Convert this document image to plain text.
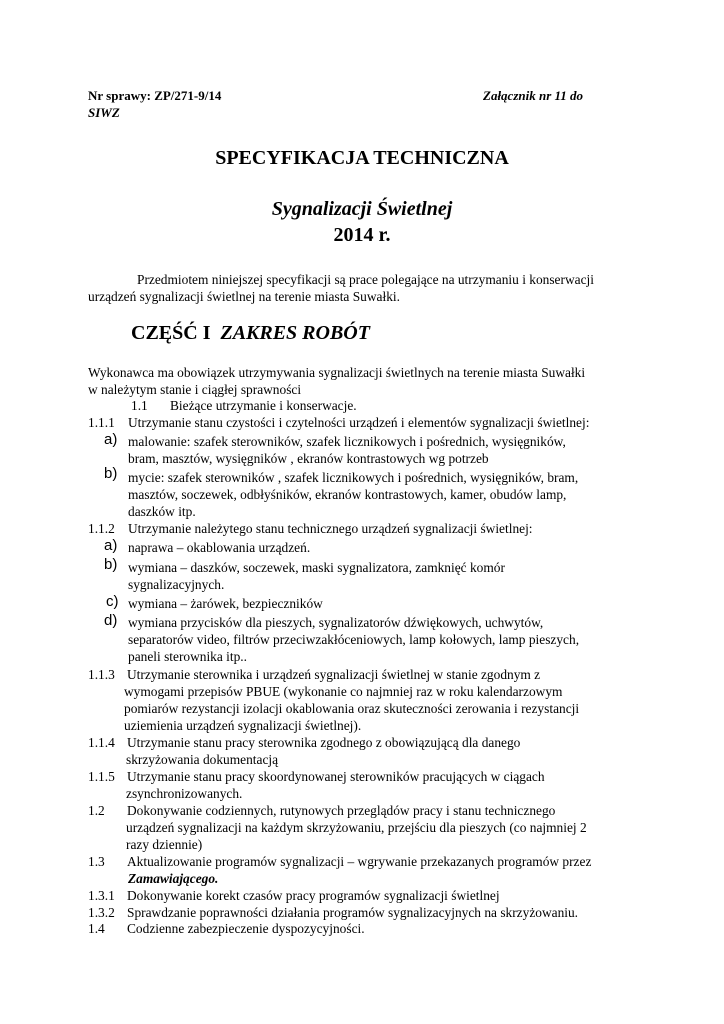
Nr sprawy: ZP/271-9/14	Załącznik nr 11 do
SIWZ
SPECYFIKACJA TECHNICZNA
Sygnalizacji Świetlnej
2014 r.
Przedmiotem niniejszej specyfikacji są prace polegające na utrzymaniu i konserwacji
urządzeń sygnalizacji świetlnej na terenie miasta Suwałki.
CZĘŚĆ I ZAKRES ROBÓT
Wykonawca ma obowiązek utrzymywania sygnalizacji świetlnych na terenie miasta Suwałki
w należytym stanie i ciągłej sprawności
1.1 Bieżące utrzymanie i konserwacje.
1.1.1 Utrzymanie stanu czystości i czytelności urządzeń i elementów sygnalizacji świetlnej:
a) malowanie: szafek sterowników, szafek licznikowych i pośrednich, wysięgników,
bram, masztów, wysięgników , ekranów kontrastowych wg potrzeb
b) mycie: szafek sterowników , szafek licznikowych i pośrednich, wysięgników, bram,
masztów, soczewek, odbłyśników, ekranów kontrastowych, kamer, obudów lamp,
daszków itp.
1.1.2 Utrzymanie należytego stanu technicznego urządzeń sygnalizacji świetlnej:
a) naprawa – okablowania urządzeń.
b) wymiana – daszków, soczewek, maski sygnalizatora, zamknięć komór
sygnalizacyjnych.
c) wymiana – żarówek, bezpieczników
d) wymiana przycisków dla pieszych, sygnalizatorów dźwiękowych, uchwytów,
separatorów video, filtrów przeciwzakłóceniowych, lamp kołowych, lamp pieszych,
paneli sterownika itp..
1.1.3 Utrzymanie sterownika i urządzeń sygnalizacji świetlnej w stanie zgodnym z
wymogami przepisów PBUE (wykonanie co najmniej raz w roku kalendarzowym
pomiarów rezystancji izolacji okablowania oraz skuteczności zerowania i rezystancji
uziemienia urządzeń sygnalizacji świetlnej).
1.1.4 Utrzymanie stanu pracy sterownika zgodnego z obowiązującą dla danego
skrzyżowania dokumentacją
1.1.5 Utrzymanie stanu pracy skoordynowanej sterowników pracujących w ciągach
zsynchronizowanych.
1.2 Dokonywanie codziennych, rutynowych przeglądów pracy i stanu technicznego
urządzeń sygnalizacji na każdym skrzyżowaniu, przejściu dla pieszych (co najmniej 2
razy dziennie)
1.3 Aktualizowanie programów sygnalizacji – wgrywanie przekazanych programów przez
Zamawiającego.
1.3.1 Dokonywanie korekt czasów pracy programów sygnalizacji świetlnej
1.3.2 Sprawdzanie poprawności działania programów sygnalizacyjnych na skrzyżowaniu.
1.4 Codzienne zabezpieczenie dyspozycyjności.
